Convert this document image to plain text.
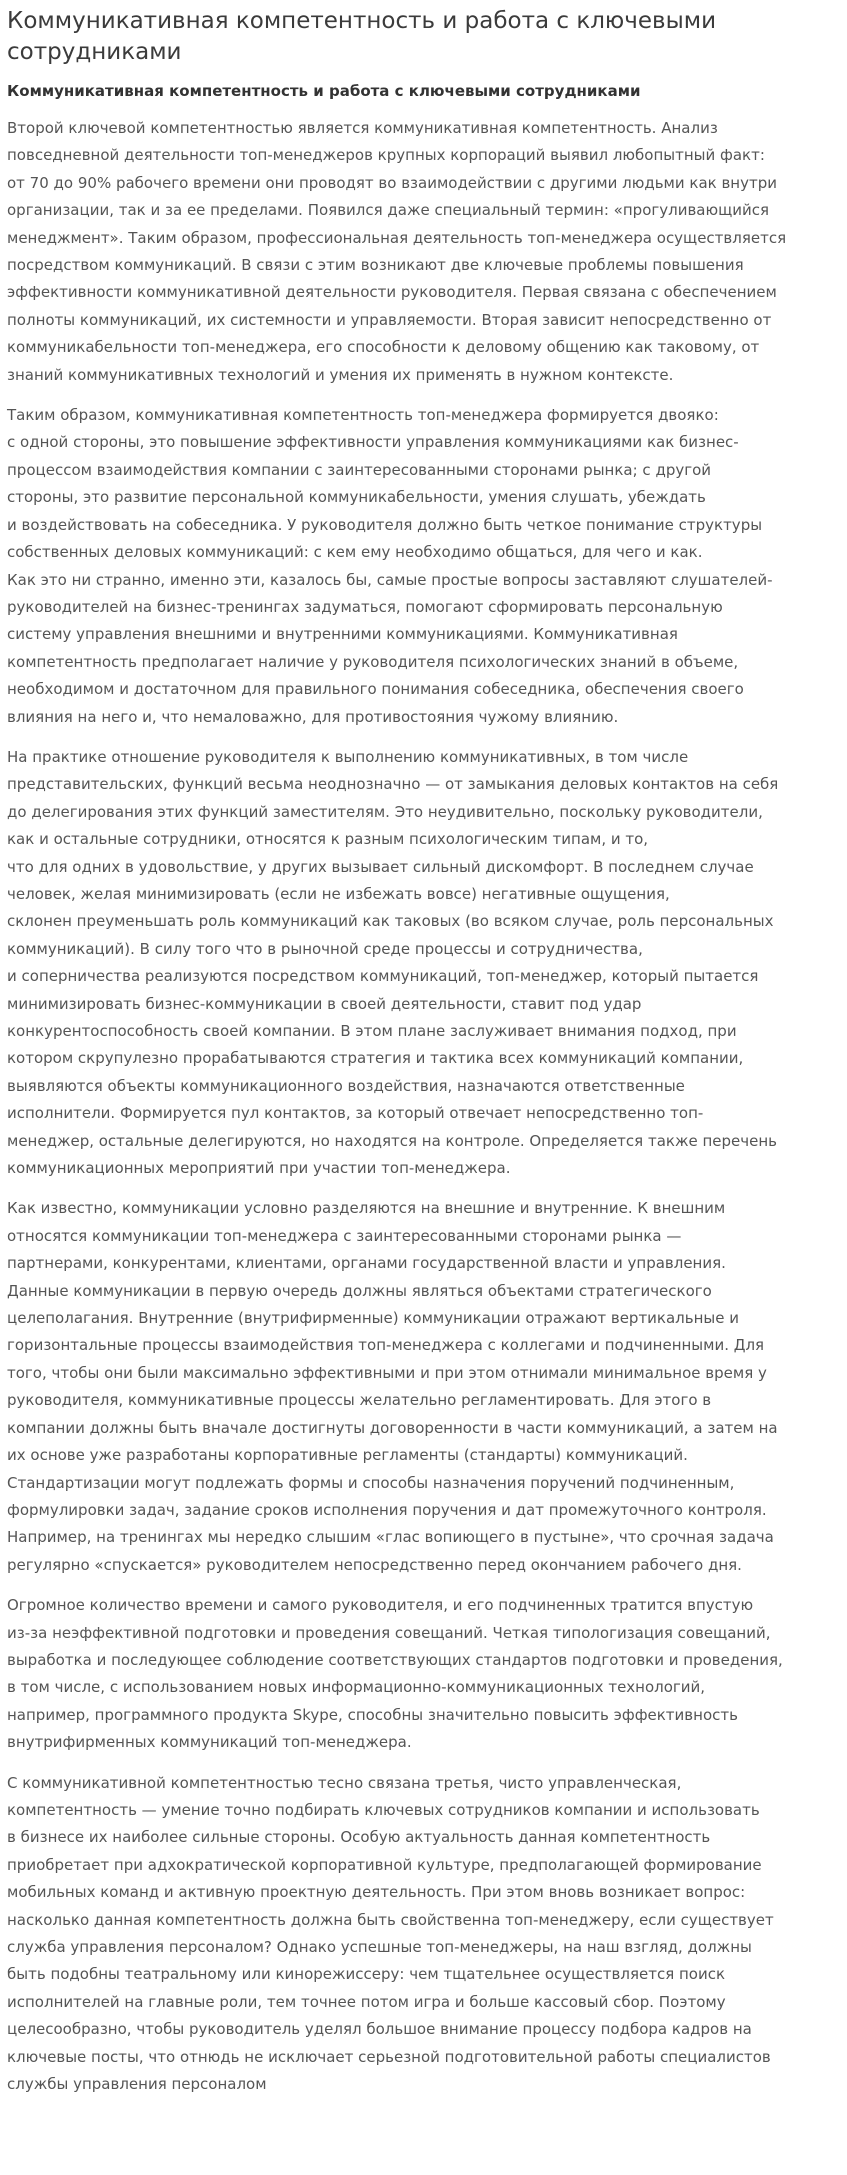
Коммуникативная компетентность и работа с ключевыми сотрудниками
Коммуникативная компетентность и работа с ключевыми сотрудниками

Второй ключевой компетентностью является коммуникативная компетентность. Анализ
повседневной деятельности топ-менеджеров крупных корпораций выявил любопытный факт:
от 70 до 90% рабочего времени они проводят во взаимодействии с другими людьми как внутри
организации, так и за ее пределами. Появился даже специальный термин: «прогуливающийся
менеджмент». Таким образом, профессиональная деятельность топ-менеджера осуществляется
посредством коммуникаций. В связи с этим возникают две ключевые проблемы повышения
эффективности коммуникативной деятельности руководителя. Первая связана с обеспечением
полноты коммуникаций, их системности и управляемости. Вторая зависит непосредственно от
коммуникабельности топ-менеджера, его способности к деловому общению как таковому, от
знаний коммуникативных технологий и умения их применять в нужном контексте.

Таким образом, коммуникативная компетентность топ-менеджера формируется двояко:
с одной стороны, это повышение эффективности управления коммуникациями как бизнес-
процессом взаимодействия компании с заинтересованными сторонами рынка; с другой
стороны, это развитие персональной коммуникабельности, умения слушать, убеждать
и воздействовать на собеседника. У руководителя должно быть четкое понимание структуры
собственных деловых коммуникаций: с кем ему необходимо общаться, для чего и как.
Как это ни странно, именно эти, казалось бы, самые простые вопросы заставляют слушателей-
руководителей на бизнес-тренингах задуматься, помогают сформировать персональную
систему управления внешними и внутренними коммуникациями. Коммуникативная
компетентность предполагает наличие у руководителя психологических знаний в объеме,
необходимом и достаточном для правильного понимания собеседника, обеспечения своего
влияния на него и, что немаловажно, для противостояния чужому влиянию.

На практике отношение руководителя к выполнению коммуникативных, в том числе
представительских, функций весьма неоднозначно — от замыкания деловых контактов на себя
до делегирования этих функций заместителям. Это неудивительно, поскольку руководители,
как и остальные сотрудники, относятся к разным психологическим типам, и то,
что для одних в удовольствие, у других вызывает сильный дискомфорт. В последнем случае
человек, желая минимизировать (если не избежать вовсе) негативные ощущения,
склонен преуменьшать роль коммуникаций как таковых (во всяком случае, роль персональных
коммуникаций). В силу того что в рыночной среде процессы и сотрудничества,
и соперничества реализуются посредством коммуникаций, топ-менеджер, который пытается
минимизировать бизнес-коммуникации в своей деятельности, ставит под удар
конкурентоспособность своей компании. В этом плане заслуживает внимания подход, при
котором скрупулезно прорабатываются стратегия и тактика всех коммуникаций компании,
выявляются объекты коммуникационного воздействия, назначаются ответственные
исполнители. Формируется пул контактов, за который отвечает непосредственно топ-
менеджер, остальные делегируются, но находятся на контроле. Определяется также перечень
коммуникационных мероприятий при участии топ-менеджера.

Как известно, коммуникации условно разделяются на внешние и внутренние. К внешним
относятся коммуникации топ-менеджера с заинтересованными сторонами рынка —
партнерами, конкурентами, клиентами, органами государственной власти и управления.
Данные коммуникации в первую очередь должны являться объектами стратегического
целеполагания. Внутренние (внутрифирменные) коммуникации отражают вертикальные и
горизонтальные процессы взаимодействия топ-менеджера с коллегами и подчиненными. Для
того, чтобы они были максимально эффективными и при этом отнимали минимальное время у
руководителя, коммуникативные процессы желательно регламентировать. Для этого в
компании должны быть вначале достигнуты договоренности в части коммуникаций, а затем на
их основе уже разработаны корпоративные регламенты (стандарты) коммуникаций.
Стандартизации могут подлежать формы и способы назначения поручений подчиненным,
формулировки задач, задание сроков исполнения поручения и дат промежуточного контроля.
Например, на тренингах мы нередко слышим «глас вопиющего в пустыне», что срочная задача
регулярно «спускается» руководителем непосредственно перед окончанием рабочего дня.

Огромное количество времени и самого руководителя, и его подчиненных тратится впустую
из-за неэффективной подготовки и проведения совещаний. Четкая типологизация совещаний,
выработка и последующее соблюдение соответствующих стандартов подготовки и проведения,
в том числе, с использованием новых информационно-коммуникационных технологий,
например, программного продукта Skype, способны значительно повысить эффективность
внутрифирменных коммуникаций топ-менеджера.

С коммуникативной компетентностью тесно связана третья, чисто управленческая,
компетентность — умение точно подбирать ключевых сотрудников компании и использовать
в бизнесе их наиболее сильные стороны. Особую актуальность данная компетентность
приобретает при адхократической корпоративной культуре, предполагающей формирование
мобильных команд и активную проектную деятельность. При этом вновь возникает вопрос:
насколько данная компетентность должна быть свойственна топ-менеджеру, если существует
служба управления персоналом? Однако успешные топ-менеджеры, на наш взгляд, должны
быть подобны театральному или кинорежиссеру: чем тщательнее осуществляется поиск
исполнителей на главные роли, тем точнее потом игра и больше кассовый сбор. Поэтому
целесообразно, чтобы руководитель уделял большое внимание процессу подбора кадров на
ключевые посты, что отнюдь не исключает серьезной подготовительной работы специалистов
службы управления персоналом
